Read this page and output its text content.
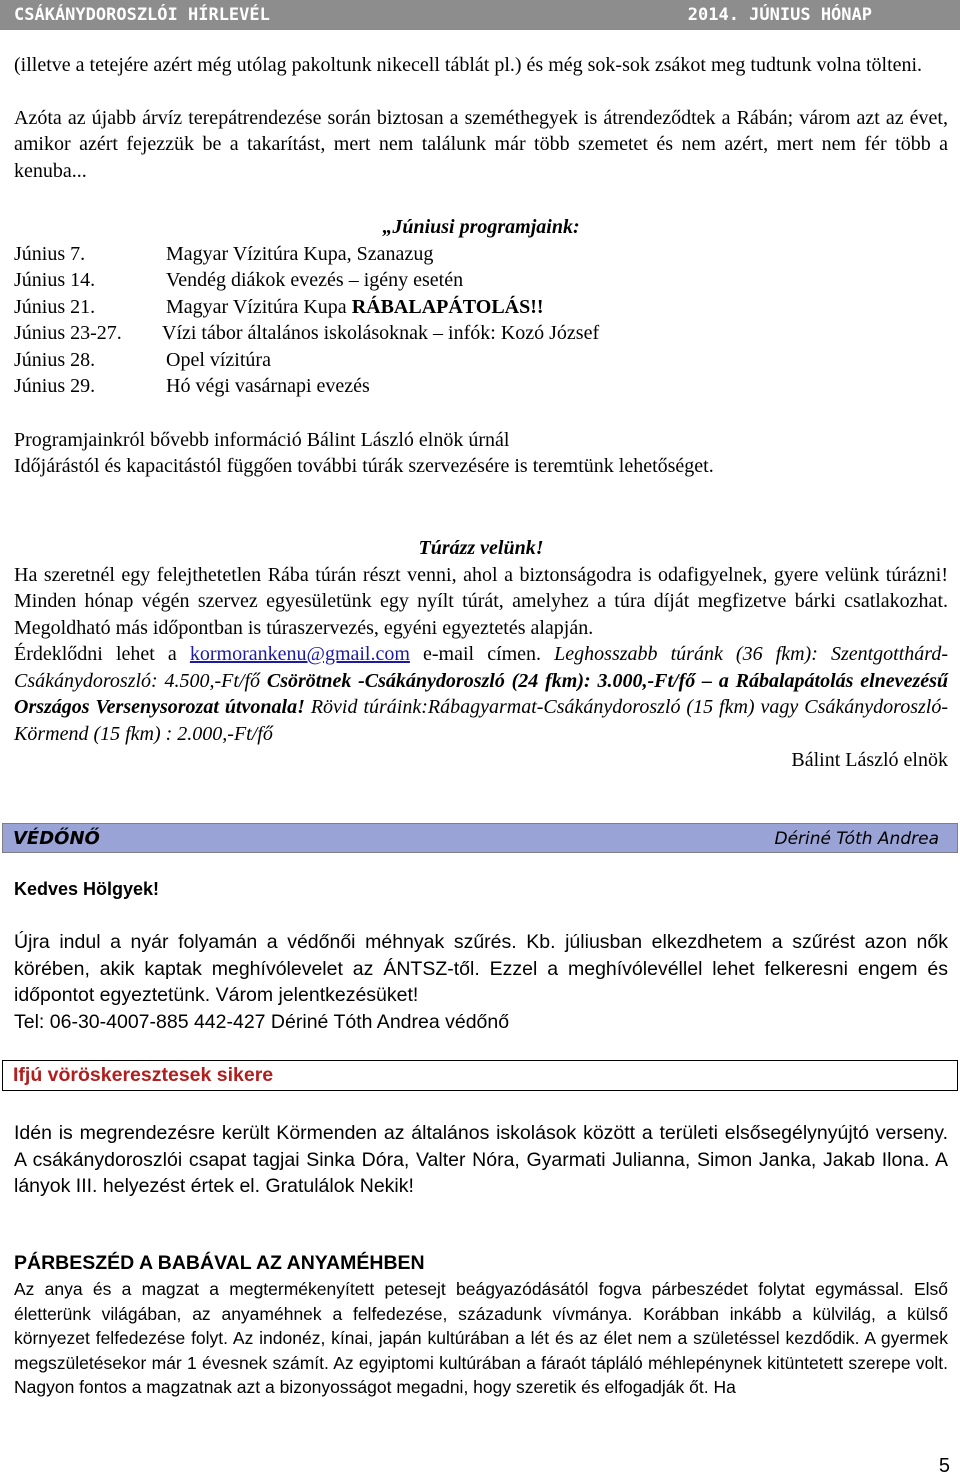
CSÁKÁNYDOROSZLÓI HÍRLEVÉL	2014. JÚNIUS HÓNAP

(illetve a tetejére azért még utólag pakoltunk nikecell táblát pl.) és még sok-sok zsákot meg tudtunk volna tölteni.

Azóta az újabb árvíz terepátrendezése során biztosan a szeméthegyek is átrendeződtek a Rábán; várom azt az évet, amikor azért fejezzük be a takarítást, mert nem találunk már több szemetet és nem azért, mert nem fér több a kenuba...

„Júniusi programjaink:

Június 7.	Magyar Vízitúra Kupa, Szanazug
Június 14.	Vendég diákok evezés – igény esetén
Június 21.	Magyar Vízitúra Kupa RÁBALAPÁTOLÁS!!
Június 23-27.	Vízi tábor általános iskolásoknak – infók: Kozó József
Június 28.	Opel vízitúra
Június 29.	Hó végi vasárnapi evezés

Programjainkról bővebb információ Bálint László elnök úrnál

Időjárástól és kapacitástól függően további túrák szervezésére is teremtünk lehetőséget.

Túrázz velünk!

Ha szeretnél egy felejthetetlen Rába túrán részt venni, ahol a biztonságodra is odafigyelnek, gyere velünk túrázni! Minden hónap végén szervez egyesületünk egy nyílt túrát, amelyhez a túra díját megfizetve bárki csatlakozhat. Megoldható más időpontban is túraszervezés, egyéni egyeztetés alapján.

Érdeklődni lehet a kormorankenu@gmail.com e-mail címen. Leghosszabb túránk (36 fkm): Szentgotthárd-Csákánydoroszló: 4.500,-Ft/fő Csörötnek -Csákánydoroszló (24 fkm): 3.000,-Ft/fő – a Rábalapátolás elnevezésű Országos Versenysorozat útvonala! Rövid túráink:Rábagyarmat-Csákánydoroszló (15 fkm) vagy Csákánydoroszló-Körmend (15 fkm) : 2.000,-Ft/fő

Bálint László elnök

VÉDŐNŐ	Dériné Tóth Andrea

Kedves Hölgyek!

Újra indul a nyár folyamán a védőnői méhnyak szűrés. Kb. júliusban elkezdhetem a szűrést azon nők körében, akik kaptak meghívólevelet az ÁNTSZ-től. Ezzel a meghívólevéllel lehet felkeresni engem és időpontot egyeztetünk. Várom jelentkezésüket!

Tel: 06-30-4007-885 442-427 Dériné Tóth Andrea védőnő

Ifjú vöröskeresztesek sikere

Idén is megrendezésre került Körmenden az általános iskolások között a területi elsősegélynyújtó verseny. A csákánydoroszlói csapat tagjai Sinka Dóra, Valter Nóra, Gyarmati Julianna, Simon Janka, Jakab Ilona. A lányok III. helyezést értek el. Gratulálok Nekik!

PÁRBESZÉD A BABÁVAL AZ ANYAMÉHBEN

Az anya és a magzat a megtermékenyített petesejt beágyazódásától fogva párbeszédet folytat egymással. Első életterünk világában, az anyaméhnek a felfedezése, századunk vívmánya. Korábban inkább a külvilág, a külső környezet felfedezése folyt. Az indonéz, kínai, japán kultúrában a lét és az élet nem a születéssel kezdődik. A gyermek megszületésekor már 1 évesnek számít. Az egyiptomi kultúrában a fáraót tápláló méhlepénynek kitüntetett szerepe volt. Nagyon fontos a magzatnak azt a bizonyosságot megadni, hogy szeretik és elfogadják őt. Ha

5
